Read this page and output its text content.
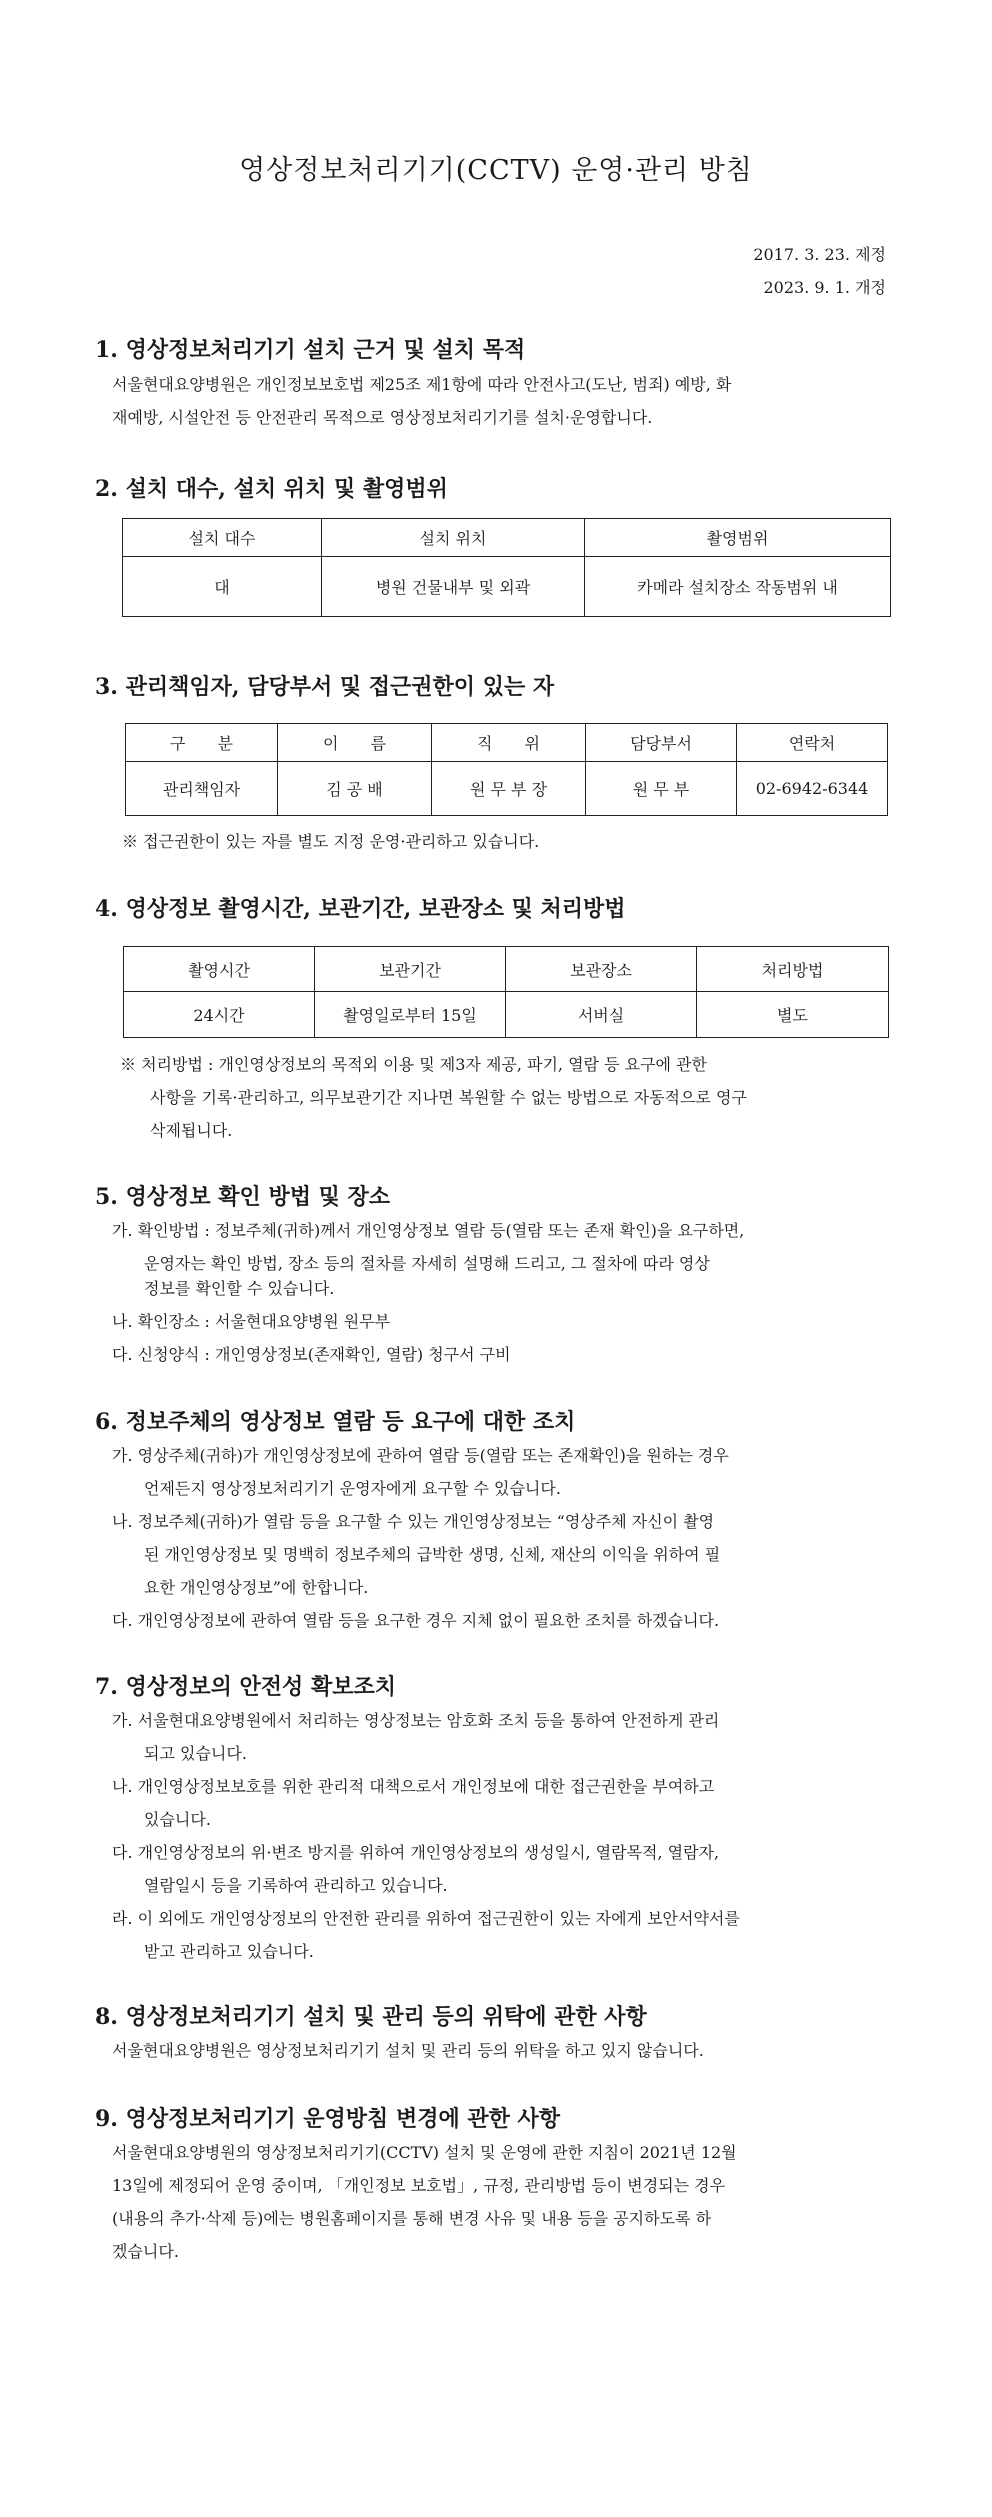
영상정보처리기기(CCTV) 운영·관리 방침
2017. 3. 23. 제정
2023. 9. 1. 개정
1. 영상정보처리기기 설치 근거 및 설치 목적
서울현대요양병원은 개인정보보호법 제25조 제1항에 따라 안전사고(도난, 범죄) 예방, 화
재예방, 시설안전 등 안전관리 목적으로 영상정보처리기기를 설치·운영합니다.
2. 설치 대수, 설치 위치 및 촬영범위
설치 대수	설치 위치	촬영범위
대	병원 건물내부 및 외곽	카메라 설치장소 작동범위 내
3. 관리책임자, 담당부서 및 접근권한이 있는 자
구　　분	이　　름	직　　위	담당부서	연락처
관리책임자	김 공 배	원 무 부 장	원 무 부	02-6942-6344
※ 접근권한이 있는 자를 별도 지정 운영·관리하고 있습니다.
4. 영상정보 촬영시간, 보관기간, 보관장소 및 처리방법
촬영시간	보관기간	보관장소	처리방법
24시간	촬영일로부터 15일	서버실	별도
※ 처리방법 : 개인영상정보의 목적외 이용 및 제3자 제공, 파기, 열람 등 요구에 관한
사항을 기록·관리하고, 의무보관기간 지나면 복원할 수 없는 방법으로 자동적으로 영구
삭제됩니다.
5. 영상정보 확인 방법 및 장소
가. 확인방법 : 정보주체(귀하)께서 개인영상정보 열람 등(열람 또는 존재 확인)을 요구하면,
운영자는 확인 방법, 장소 등의 절차를 자세히 설명해 드리고, 그 절차에 따라 영상
정보를 확인할 수 있습니다.
나. 확인장소 : 서울현대요양병원 원무부
다. 신청양식 : 개인영상정보(존재확인, 열람) 청구서 구비
6. 정보주체의 영상정보 열람 등 요구에 대한 조치
가. 영상주체(귀하)가 개인영상정보에 관하여 열람 등(열람 또는 존재확인)을 원하는 경우
언제든지 영상정보처리기기 운영자에게 요구할 수 있습니다.
나. 정보주체(귀하)가 열람 등을 요구할 수 있는 개인영상정보는 “영상주체 자신이 촬영
된 개인영상정보 및 명백히 정보주체의 급박한 생명, 신체, 재산의 이익을 위하여 필
요한 개인영상정보”에 한합니다.
다. 개인영상정보에 관하여 열람 등을 요구한 경우 지체 없이 필요한 조치를 하겠습니다.
7. 영상정보의 안전성 확보조치
가. 서울현대요양병원에서 처리하는 영상정보는 암호화 조치 등을 통하여 안전하게 관리
되고 있습니다.
나. 개인영상정보보호를 위한 관리적 대책으로서 개인정보에 대한 접근권한을 부여하고
있습니다.
다. 개인영상정보의 위·변조 방지를 위하여 개인영상정보의 생성일시, 열람목적, 열람자,
열람일시 등을 기록하여 관리하고 있습니다.
라. 이 외에도 개인영상정보의 안전한 관리를 위하여 접근권한이 있는 자에게 보안서약서를
받고 관리하고 있습니다.
8. 영상정보처리기기 설치 및 관리 등의 위탁에 관한 사항
서울현대요양병원은 영상정보처리기기 설치 및 관리 등의 위탁을 하고 있지 않습니다.
9. 영상정보처리기기 운영방침 변경에 관한 사항
서울현대요양병원의 영상정보처리기기(CCTV) 설치 및 운영에 관한 지침이 2021년 12월
13일에 제정되어 운영 중이며, 「개인정보 보호법」, 규정, 관리방법 등이 변경되는 경우
(내용의 추가·삭제 등)에는 병원홈페이지를 통해 변경 사유 및 내용 등을 공지하도록 하
겠습니다.
